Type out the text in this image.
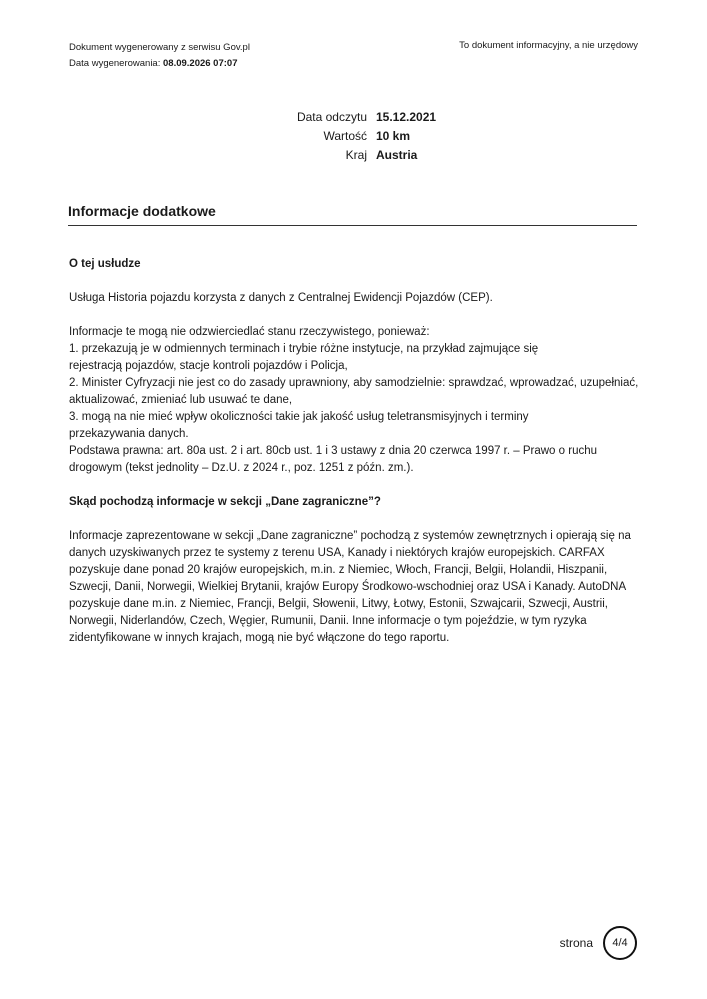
Dokument wygenerowany z serwisu Gov.pl
Data wygenerowania: 08.09.2026 07:07
To dokument informacyjny, a nie urzędowy
Data odczytu 15.12.2021
Wartość 10 km
Kraj Austria
Informacje dodatkowe

O tej usłudze

Usługa Historia pojazdu korzysta z danych z Centralnej Ewidencji Pojazdów (CEP).

Informacje te mogą nie odzwierciedlać stanu rzeczywistego, ponieważ:

1. przekazują je w odmiennych terminach i trybie różne instytucje, na przykład zajmujące się

rejestracją pojazdów, stacje kontroli pojazdów i Policja,

2. Minister Cyfryzacji nie jest co do zasady uprawniony, aby samodzielnie: sprawdzać, wprowadzać, uzupełniać,

aktualizować, zmieniać lub usuwać te dane,

3. mogą na nie mieć wpływ okoliczności takie jak jakość usług teletransmisyjnych i terminy

przekazywania danych.

Podstawa prawna: art. 80a ust. 2 i art. 80cb ust. 1 i 3 ustawy z dnia 20 czerwca 1997 r. – Prawo o ruchu

drogowym (tekst jednolity – Dz.U. z 2024 r., poz. 1251 z późn. zm.).

Skąd pochodzą informacje w sekcji „Dane zagraniczne”?

Informacje zaprezentowane w sekcji „Dane zagraniczne” pochodzą z systemów zewnętrznych i opierają się na

danych uzyskiwanych przez te systemy z terenu USA, Kanady i niektórych krajów europejskich. CARFAX

pozyskuje dane ponad 20 krajów europejskich, m.in. z Niemiec, Włoch, Francji, Belgii, Holandii, Hiszpanii,

Szwecji, Danii, Norwegii, Wielkiej Brytanii, krajów Europy Środkowo-wschodniej oraz USA i Kanady. AutoDNA

pozyskuje dane m.in. z Niemiec, Francji, Belgii, Słowenii, Litwy, Łotwy, Estonii, Szwajcarii, Szwecji, Austrii,

Norwegii, Niderlandów, Czech, Węgier, Rumunii, Danii. Inne informacje o tym pojeździe, w tym ryzyka

zidentyfikowane w innych krajach, mogą nie być włączone do tego raportu.

strona	4/4
